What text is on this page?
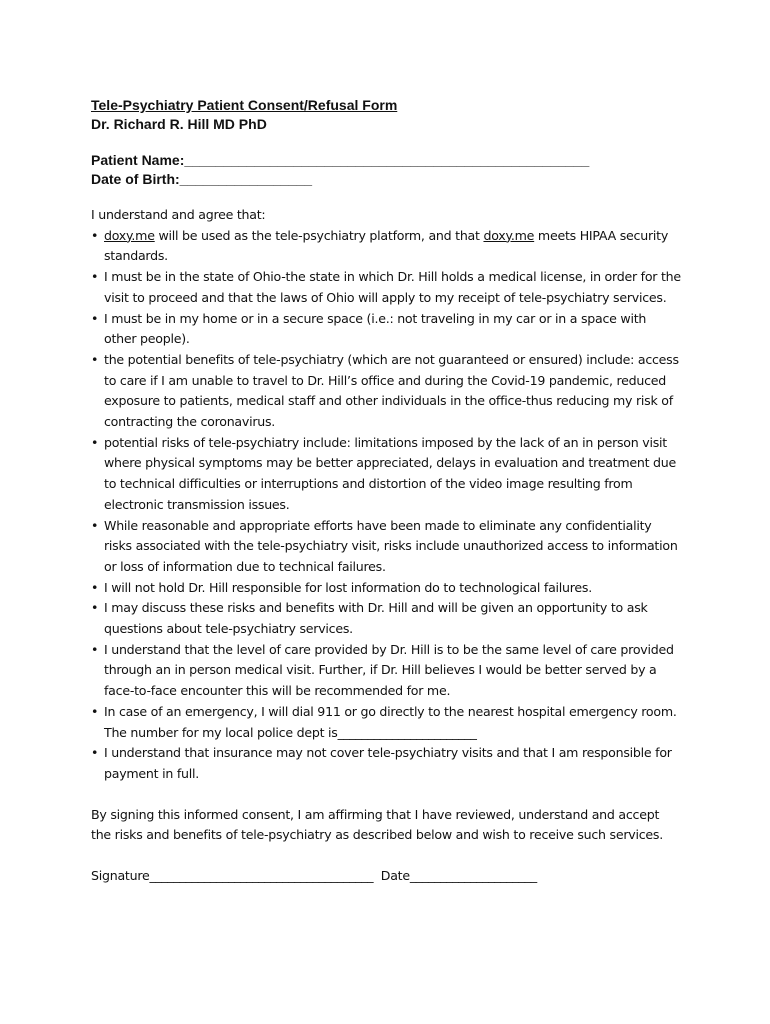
Tele-Psychiatry Patient Consent/Refusal Form
Dr. Richard R. Hill MD PhD
Patient Name:____________________________________________________
Date of Birth:_________________
I understand and agree that:
• doxy.me will be used as the tele-psychiatry platform, and that doxy.me meets HIPAA security standards.
• I must be in the state of Ohio-the state in which Dr. Hill holds a medical license, in order for the visit to proceed and that the laws of Ohio will apply to my receipt of tele-psychiatry services.
• I must be in my home or in a secure space (i.e.: not traveling in my car or in a space with other people).
• the potential benefits of tele-psychiatry (which are not guaranteed or ensured) include: access to care if I am unable to travel to Dr. Hill’s office and during the Covid-19 pandemic, reduced exposure to patients, medical staff and other individuals in the office-thus reducing my risk of contracting the coronavirus.
• potential risks of tele-psychiatry include: limitations imposed by the lack of an in person visit where physical symptoms may be better appreciated, delays in evaluation and treatment due to technical difficulties or interruptions and distortion of the video image resulting from electronic transmission issues.
• While reasonable and appropriate efforts have been made to eliminate any confidentiality risks associated with the tele-psychiatry visit, risks include unauthorized access to information or loss of information due to technical failures.
• I will not hold Dr. Hill responsible for lost information do to technological failures.
• I may discuss these risks and benefits with Dr. Hill and will be given an opportunity to ask questions about tele-psychiatry services.
• I understand that the level of care provided by Dr. Hill is to be the same level of care provided through an in person medical visit. Further, if Dr. Hill believes I would be better served by a face-to-face encounter this will be recommended for me.
• In case of an emergency, I will dial 911 or go directly to the nearest hospital emergency room. The number for my local police dept is_______________________
• I understand that insurance may not cover tele-psychiatry visits and that I am responsible for payment in full.
By signing this informed consent, I am affirming that I have reviewed, understand and accept the risks and benefits of tele-psychiatry as described below and wish to receive such services.
Signature_____________________________________ Date_____________________
